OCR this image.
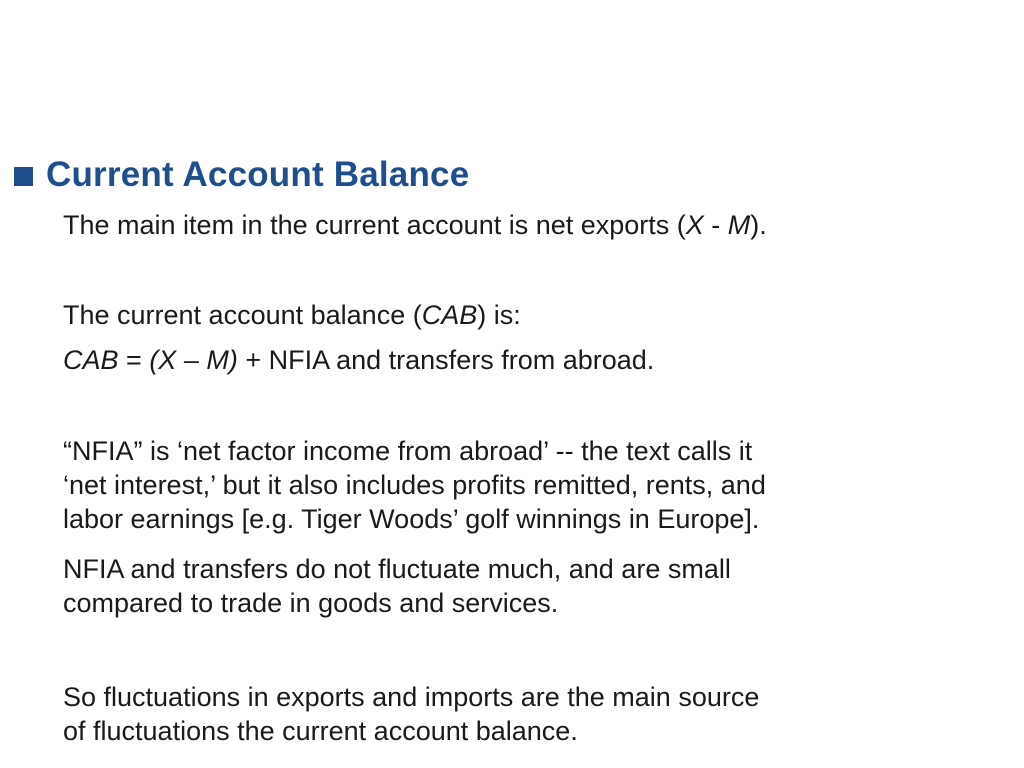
Current Account Balance
The main item in the current account is net exports (X - M).
The current account balance (CAB) is:
CAB = (X – M) + NFIA and transfers from abroad.
“NFIA” is ‘net factor income from abroad’ -- the text calls it
‘net interest,’ but it also includes profits remitted, rents, and
labor earnings [e.g. Tiger Woods’ golf winnings in Europe].
NFIA and transfers do not fluctuate much, and are small
compared to trade in goods and services.
So fluctuations in exports and imports are the main source
of fluctuations the current account balance.
